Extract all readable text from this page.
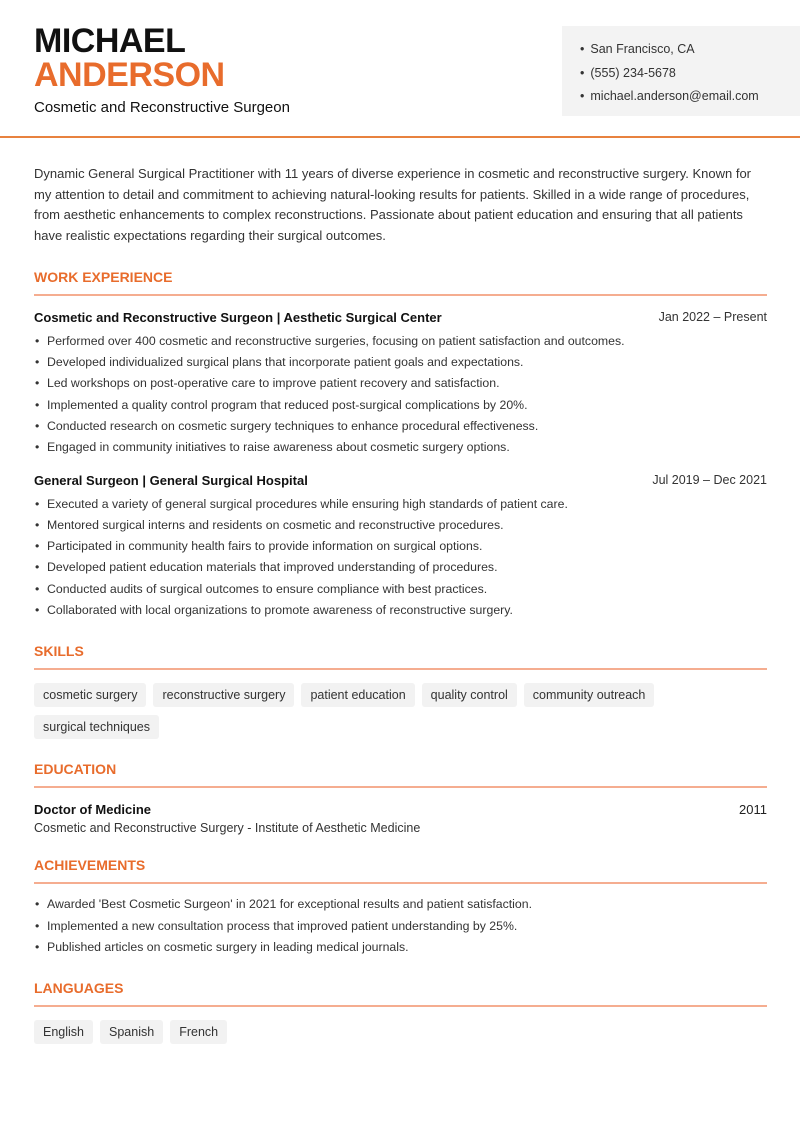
MICHAEL
ANDERSON
Cosmetic and Reconstructive Surgeon
• San Francisco, CA
• (555) 234-5678
• michael.anderson@email.com

Dynamic General Surgical Practitioner with 11 years of diverse experience in cosmetic and reconstructive surgery. Known for my attention to detail and commitment to achieving natural-looking results for patients. Skilled in a wide range of procedures, from aesthetic enhancements to complex reconstructions. Passionate about patient education and ensuring that all patients have realistic expectations regarding their surgical outcomes.

WORK EXPERIENCE
Cosmetic and Reconstructive Surgeon | Aesthetic Surgical Center	Jan 2022 – Present
• Performed over 400 cosmetic and reconstructive surgeries, focusing on patient satisfaction and outcomes.
• Developed individualized surgical plans that incorporate patient goals and expectations.
• Led workshops on post-operative care to improve patient recovery and satisfaction.
• Implemented a quality control program that reduced post-surgical complications by 20%.
• Conducted research on cosmetic surgery techniques to enhance procedural effectiveness.
• Engaged in community initiatives to raise awareness about cosmetic surgery options.
General Surgeon | General Surgical Hospital	Jul 2019 – Dec 2021
• Executed a variety of general surgical procedures while ensuring high standards of patient care.
• Mentored surgical interns and residents on cosmetic and reconstructive procedures.
• Participated in community health fairs to provide information on surgical options.
• Developed patient education materials that improved understanding of procedures.
• Conducted audits of surgical outcomes to ensure compliance with best practices.
• Collaborated with local organizations to promote awareness of reconstructive surgery.
SKILLS
cosmetic surgery	reconstructive surgery	patient education	quality control	community outreach
surgical techniques
EDUCATION
Doctor of Medicine	2011
Cosmetic and Reconstructive Surgery - Institute of Aesthetic Medicine
ACHIEVEMENTS
• Awarded 'Best Cosmetic Surgeon' in 2021 for exceptional results and patient satisfaction.
• Implemented a new consultation process that improved patient understanding by 25%.
• Published articles on cosmetic surgery in leading medical journals.
LANGUAGES
English	Spanish	French
